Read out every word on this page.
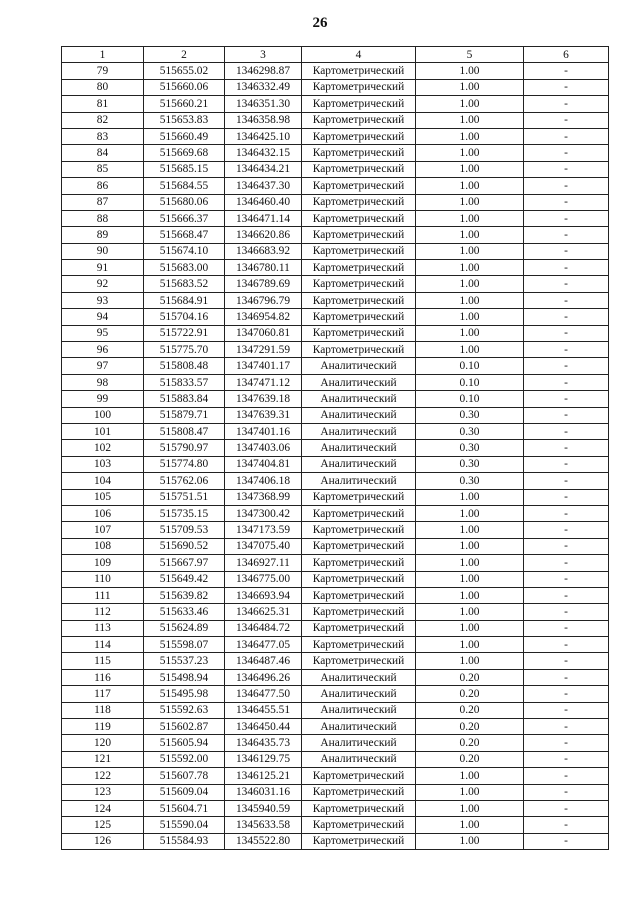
26
1	2	3	4	5	6
79	515655.02	1346298.87	Картометрический	1.00	-
80	515660.06	1346332.49	Картометрический	1.00	-
81	515660.21	1346351.30	Картометрический	1.00	-
82	515653.83	1346358.98	Картометрический	1.00	-
83	515660.49	1346425.10	Картометрический	1.00	-
84	515669.68	1346432.15	Картометрический	1.00	-
85	515685.15	1346434.21	Картометрический	1.00	-
86	515684.55	1346437.30	Картометрический	1.00	-
87	515680.06	1346460.40	Картометрический	1.00	-
88	515666.37	1346471.14	Картометрический	1.00	-
89	515668.47	1346620.86	Картометрический	1.00	-
90	515674.10	1346683.92	Картометрический	1.00	-
91	515683.00	1346780.11	Картометрический	1.00	-
92	515683.52	1346789.69	Картометрический	1.00	-
93	515684.91	1346796.79	Картометрический	1.00	-
94	515704.16	1346954.82	Картометрический	1.00	-
95	515722.91	1347060.81	Картометрический	1.00	-
96	515775.70	1347291.59	Картометрический	1.00	-
97	515808.48	1347401.17	Аналитический	0.10	-
98	515833.57	1347471.12	Аналитический	0.10	-
99	515883.84	1347639.18	Аналитический	0.10	-
100	515879.71	1347639.31	Аналитический	0.30	-
101	515808.47	1347401.16	Аналитический	0.30	-
102	515790.97	1347403.06	Аналитический	0.30	-
103	515774.80	1347404.81	Аналитический	0.30	-
104	515762.06	1347406.18	Аналитический	0.30	-
105	515751.51	1347368.99	Картометрический	1.00	-
106	515735.15	1347300.42	Картометрический	1.00	-
107	515709.53	1347173.59	Картометрический	1.00	-
108	515690.52	1347075.40	Картометрический	1.00	-
109	515667.97	1346927.11	Картометрический	1.00	-
110	515649.42	1346775.00	Картометрический	1.00	-
111	515639.82	1346693.94	Картометрический	1.00	-
112	515633.46	1346625.31	Картометрический	1.00	-
113	515624.89	1346484.72	Картометрический	1.00	-
114	515598.07	1346477.05	Картометрический	1.00	-
115	515537.23	1346487.46	Картометрический	1.00	-
116	515498.94	1346496.26	Аналитический	0.20	-
117	515495.98	1346477.50	Аналитический	0.20	-
118	515592.63	1346455.51	Аналитический	0.20	-
119	515602.87	1346450.44	Аналитический	0.20	-
120	515605.94	1346435.73	Аналитический	0.20	-
121	515592.00	1346129.75	Аналитический	0.20	-
122	515607.78	1346125.21	Картометрический	1.00	-
123	515609.04	1346031.16	Картометрический	1.00	-
124	515604.71	1345940.59	Картометрический	1.00	-
125	515590.04	1345633.58	Картометрический	1.00	-
126	515584.93	1345522.80	Картометрический	1.00	-
